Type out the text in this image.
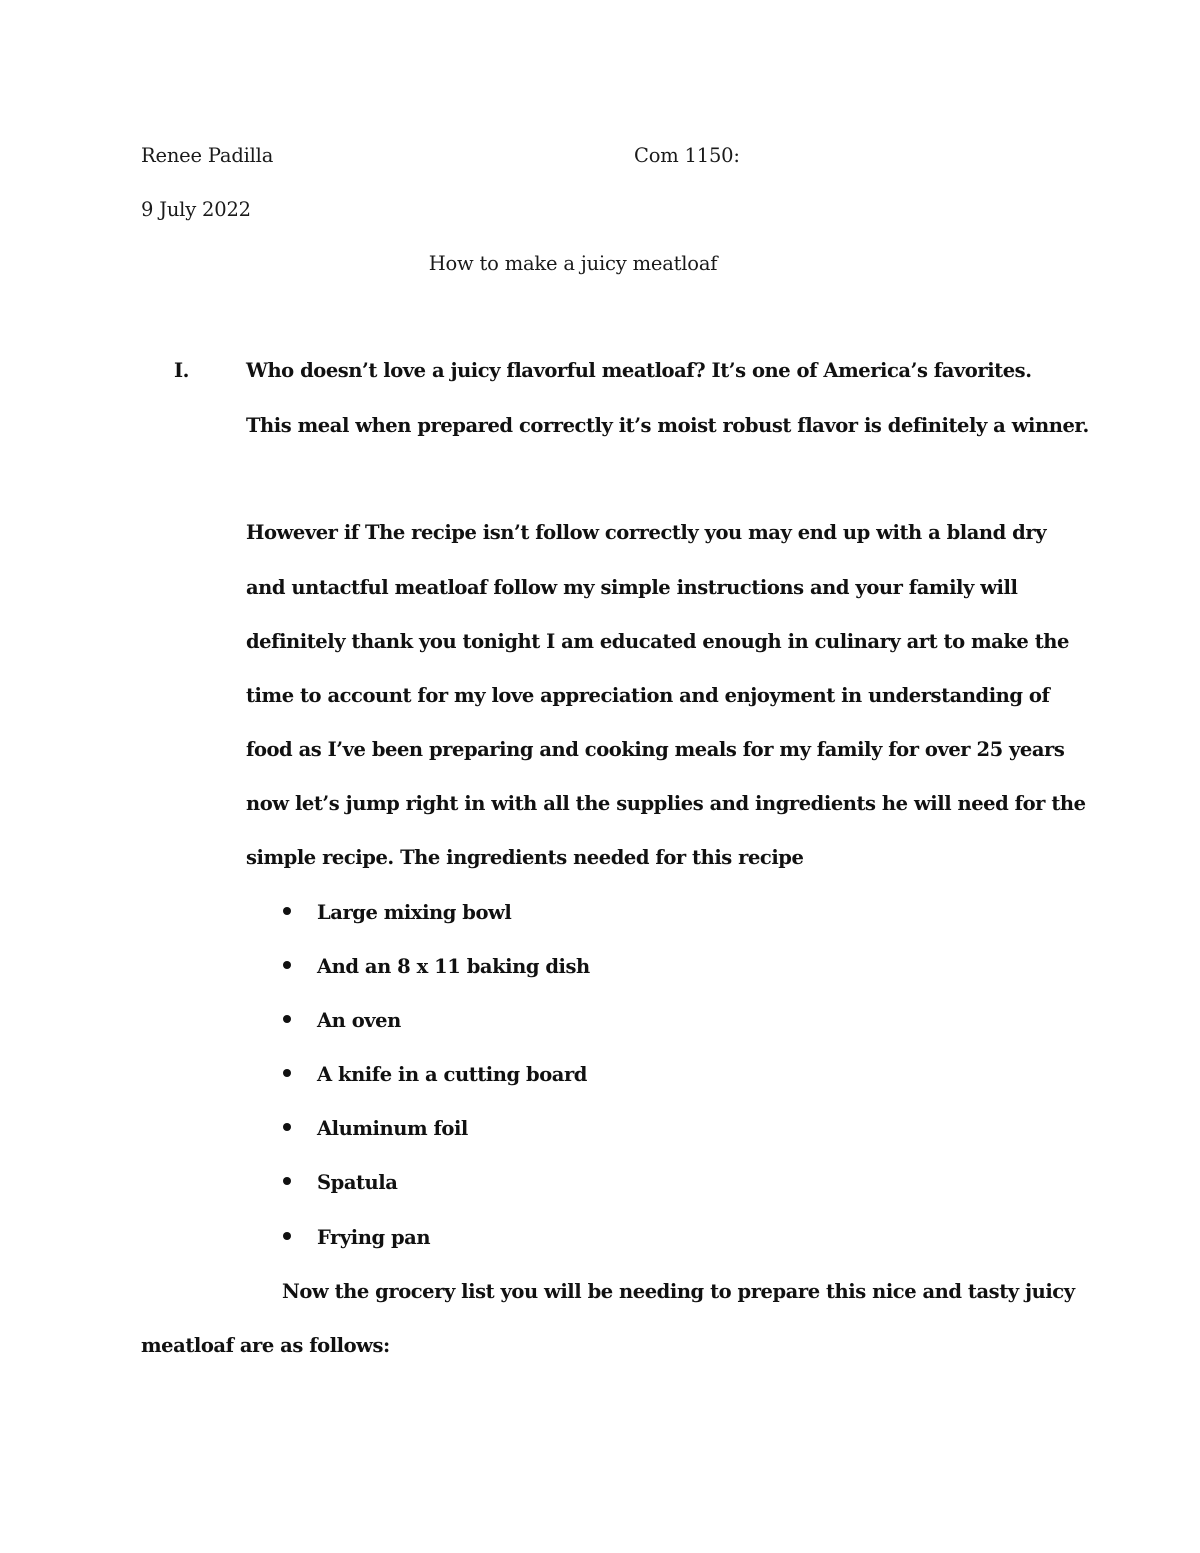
Renee Padilla	Com 1150:
9 July 2022
How to make a juicy meatloaf
I.	Who doesn’t love a juicy flavorful meatloaf? It’s one of America’s favorites.
This meal when prepared correctly it’s moist robust flavor is definitely a winner.
However if The recipe isn’t follow correctly you may end up with a bland dry
and untactful meatloaf follow my simple instructions and your family will
definitely thank you tonight I am educated enough in culinary art to make the
time to account for my love appreciation and enjoyment in understanding of
food as I’ve been preparing and cooking meals for my family for over 25 years
now let’s jump right in with all the supplies and ingredients he will need for the
simple recipe. The ingredients needed for this recipe
Large mixing bowl
And an 8 x 11 baking dish
An oven
A knife in a cutting board
Aluminum foil
Spatula
Frying pan
Now the grocery list you will be needing to prepare this nice and tasty juicy
meatloaf are as follows:
